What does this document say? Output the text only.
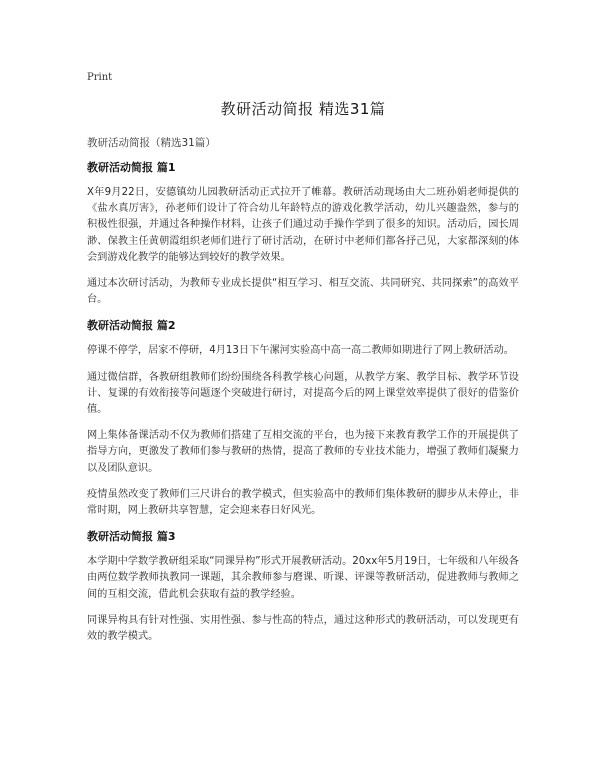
Print
教研活动简报 精选31篇
教研活动简报（精选31篇）
教研活动简报 篇1

X年9月22日，安德镇幼儿园教研活动正式拉开了帷幕。教研活动现场由大二班孙娟老师提供的《盐水真厉害》，孙老师们设计了符合幼儿年龄特点的游戏化教学活动，幼儿兴趣盎然，参与的积极性很强，并通过各种操作材料，让孩子们通过动手操作学到了很多的知识。活动后，园长周渺、保教主任黄朝霞组织老师们进行了研讨活动，在研讨中老师们都各抒己见，大家都深刻的体会到游戏化教学的能够达到较好的教学效果。

通过本次研讨活动，为教师专业成长提供“相互学习、相互交流、共同研究、共同探索”的高效平台。

教研活动简报 篇2

停课不停学，居家不停研，4月13日下午漯河实验高中高一高二教师如期进行了网上教研活动。

通过微信群，各教研组教师们纷纷围绕各科教学核心问题，从教学方案、教学目标、教学环节设计、复课的有效衔接等问题逐个突破进行研讨，对提高今后的网上课堂效率提供了很好的借鉴价值。

网上集体备课活动不仅为教师们搭建了互相交流的平台，也为接下来教育教学工作的开展提供了指导方向，更激发了教师们参与教研的热情，提高了教师的专业技术能力，增强了教师们凝聚力以及团队意识。

疫情虽然改变了教师们三尺讲台的教学模式，但实验高中的教师们集体教研的脚步从未停止，非常时期，网上教研共享智慧，定会迎来春日好风光。

教研活动简报 篇3

本学期中学数学教研组采取“同课异构”形式开展教研活动。20xx年5月19日，七年级和八年级各由两位数学教师执教同一课题，其余教师参与磨课、听课、评课等教研活动，促进教师与教师之间的互相交流，借此机会获取有益的教学经验。

同课异构具有针对性强、实用性强、参与性高的特点，通过这种形式的教研活动，可以发现更有效的教学模式。
